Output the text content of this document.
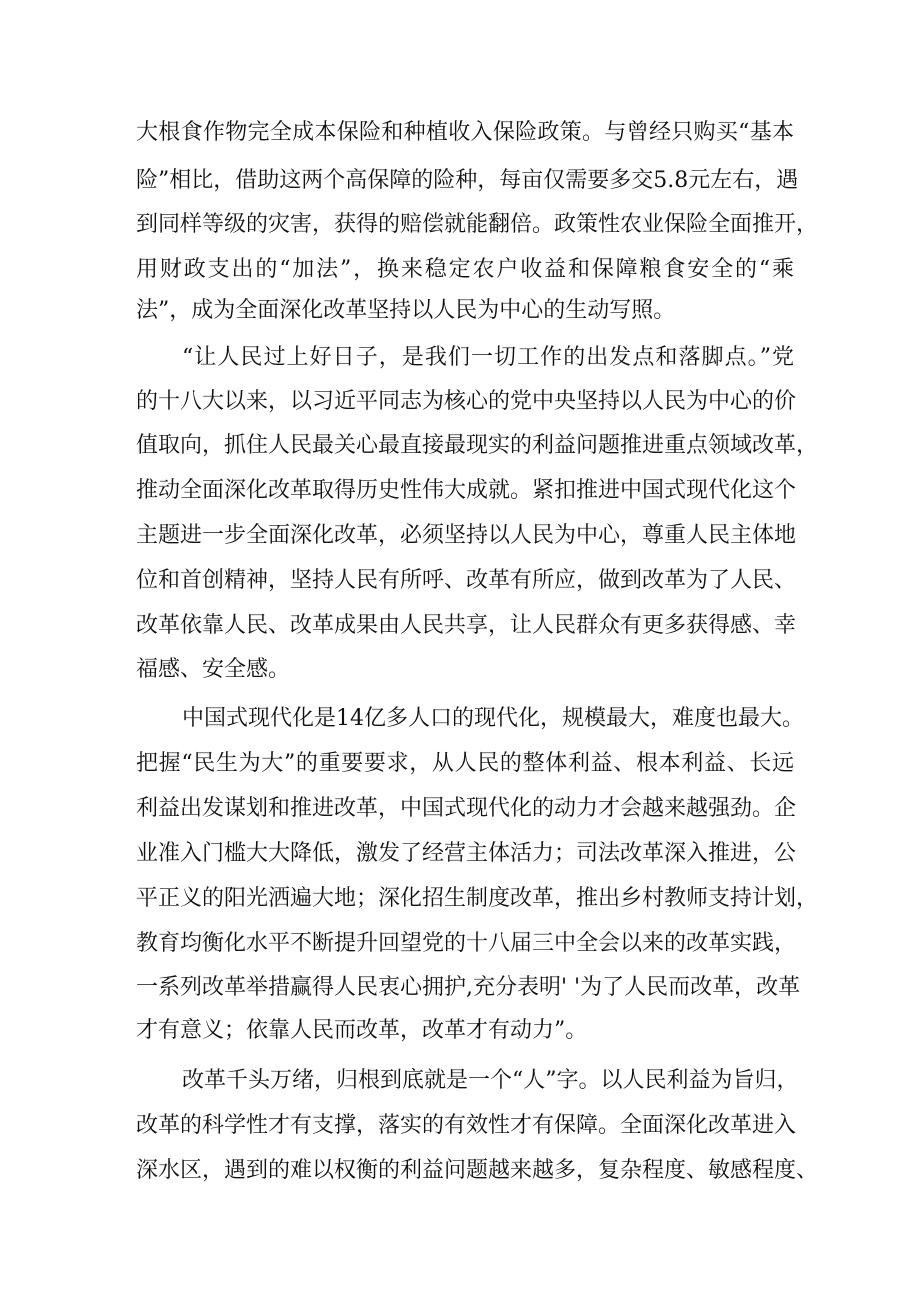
大根食作物完全成本保险和种植收入保险政策。与曾经只购买“基本
险”相比，借助这两个高保障的险种，每亩仅需要多交5.8元左右，遇
到同样等级的灾害，获得的赔偿就能翻倍。政策性农业保险全面推开，
用财政支出的“加法”，换来稳定农户收益和保障粮食安全的“乘
法”，成为全面深化改革坚持以人民为中心的生动写照。
“让人民过上好日子，是我们一切工作的出发点和落脚点。”党
的十八大以来，以习近平同志为核心的党中央坚持以人民为中心的价
值取向，抓住人民最关心最直接最现实的利益问题推进重点领域改革，
推动全面深化改革取得历史性伟大成就。紧扣推进中国式现代化这个
主题进一步全面深化改革，必须坚持以人民为中心，尊重人民主体地
位和首创精神，坚持人民有所呼、改革有所应，做到改革为了人民、
改革依靠人民、改革成果由人民共享，让人民群众有更多获得感、幸
福感、安全感。
中国式现代化是14亿多人口的现代化，规模最大，难度也最大。
把握“民生为大”的重要要求，从人民的整体利益、根本利益、长远
利益出发谋划和推进改革，中国式现代化的动力才会越来越强劲。企
业准入门槛大大降低，激发了经营主体活力；司法改革深入推进，公
平正义的阳光洒遍大地；深化招生制度改革，推出乡村教师支持计划，
教育均衡化水平不断提升回望党的十八届三中全会以来的改革实践，
一系列改革举措赢得人民衷心拥护,充分表明' '为了人民而改革，改革
才有意义；依靠人民而改革，改革才有动力”。
改革千头万绪，归根到底就是一个“人”字。以人民利益为旨归，
改革的科学性才有支撑，落实的有效性才有保障。全面深化改革进入
深水区，遇到的难以权衡的利益问题越来越多，复杂程度、敏感程度、
